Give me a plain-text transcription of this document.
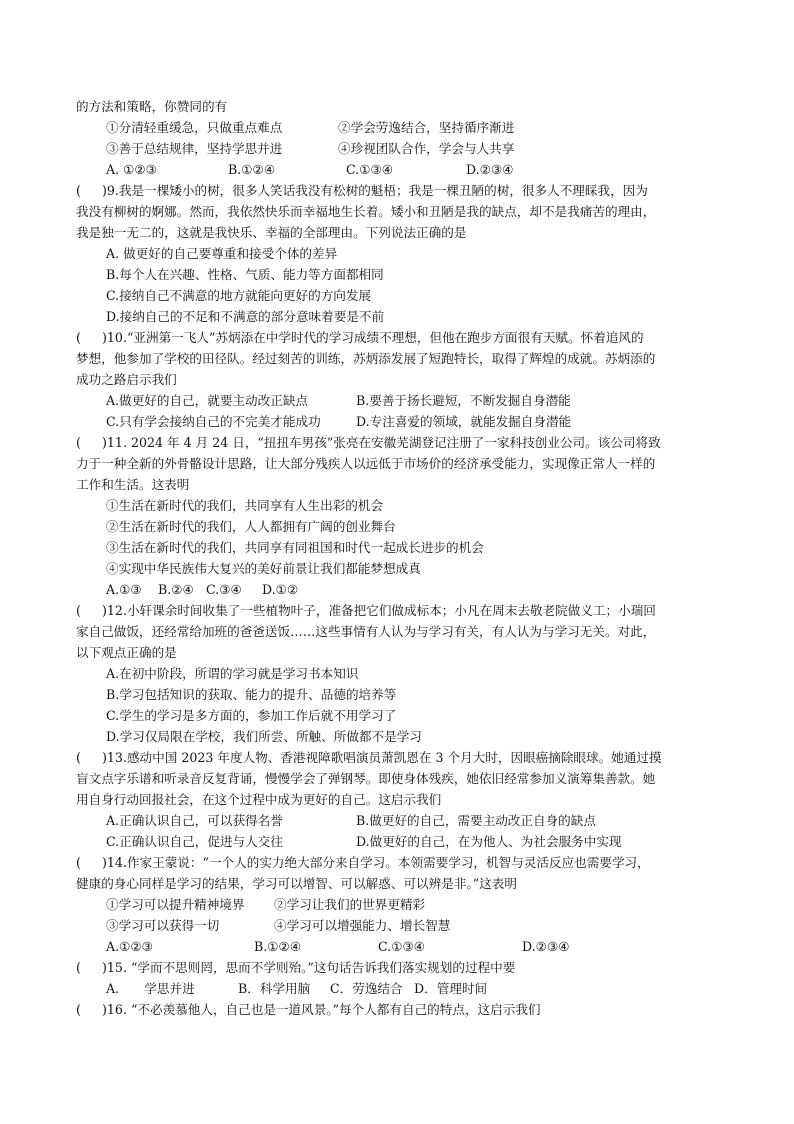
的方法和策略，你赞同的有
①分清轻重缓急，只做重点难点	②学会劳逸结合，坚持循序渐进
③善于总结规律，坚持学思并进	④珍视团队合作，学会与人共享
A. ①②③	B.①②④	C.①③④	D.②③④
( )9.我是一棵矮小的树，很多人笑话我没有松树的魁梧；我是一棵丑陋的树，很多人不理睬我，因为
我没有柳树的婀娜。然而，我依然快乐而幸福地生长着。矮小和丑陋是我的缺点，却不是我痛苦的理由，
我是独一无二的，这就是我快乐、幸福的全部理由。下列说法正确的是
A. 做更好的自己要尊重和接受个体的差异
B.每个人在兴趣、性格、气质、能力等方面都相同
C.接纳自己不满意的地方就能向更好的方向发展
D.接纳自己的不足和不满意的部分意味着要是不前
( )10.“亚洲第一飞人”苏炳添在中学时代的学习成绩不理想，但他在跑步方面很有天赋。怀着追风的
梦想，他参加了学校的田径队。经过刻苦的训练，苏炳添发展了短跑特长，取得了辉煌的成就。苏炳添的
成功之路启示我们
A.做更好的自己，就要主动改正缺点	B.要善于扬长避短，不断发掘自身潜能
C.只有学会接纳自己的不完美才能成功	D.专注喜爱的领域，就能发掘自身潜能
( )11. 2024 年 4 月 24 日，“扭扭车男孩”张亮在安徽芜湖登记注册了一家科技创业公司。该公司将致
力于一种全新的外骨骼设计思路，让大部分残疾人以远低于市场价的经济承受能力，实现像正常人一样的
工作和生活。这表明
①生活在新时代的我们，共同享有人生出彩的机会
②生活在新时代的我们，人人都拥有广阔的创业舞台
③生活在新时代的我们，共同享有同祖国和时代一起成长进步的机会
④实现中华民族伟大复兴的美好前景让我们都能梦想成真
A.①③ B.②④ C.③④ D.①②
( )12.小轩课余时间收集了一些植物叶子，准备把它们做成标本；小凡在周末去敬老院做义工；小瑞回
家自己做饭，还经常给加班的爸爸送饭……这些事情有人认为与学习有关，有人认为与学习无关。对此，
以下观点正确的是
A.在初中阶段，所谓的学习就是学习书本知识
B.学习包括知识的获取、能力的提升、品德的培养等
C.学生的学习是多方面的，参加工作后就不用学习了
D.学习仅局限在学校，我们所尝、所触、所做都不是学习
( )13.感动中国 2023 年度人物、香港视障歌唱演员萧凯恩在 3 个月大时，因眼癌摘除眼球。她通过摸
盲文点字乐谱和听录音反复背诵，慢慢学会了弹钢琴。即使身体残疾，她依旧经常参加义演筹集善款。她
用自身行动回报社会，在这个过程中成为更好的自己。这启示我们
A.正确认识自己，可以获得名誉	B.做更好的自己，需要主动改正自身的缺点
C.正确认识自己，促进与人交往	D.做更好的自己，在为他人、为社会服务中实现
( )14.作家王蒙说：“一个人的实力绝大部分来自学习。本领需要学习，机智与灵活反应也需要学习，
健康的身心同样是学习的结果，学习可以增智、可以解惑、可以辨是非。”这表明
①学习可以提升精神境界 ②学习让我们的世界更精彩
③学习可以获得一切	④学习可以增强能力、增长智慧
A.①②③	B.①②④	C.①③④	D.②③④
( )15. “学而不思则罔，思而不学则殆。”这句话告诉我们落实规划的过程中要
A.　　学思并进	B．科学用脑 C．劳逸结合 D．管理时间
( )16. “不必羡慕他人，自己也是一道风景。”每个人都有自己的特点，这启示我们
